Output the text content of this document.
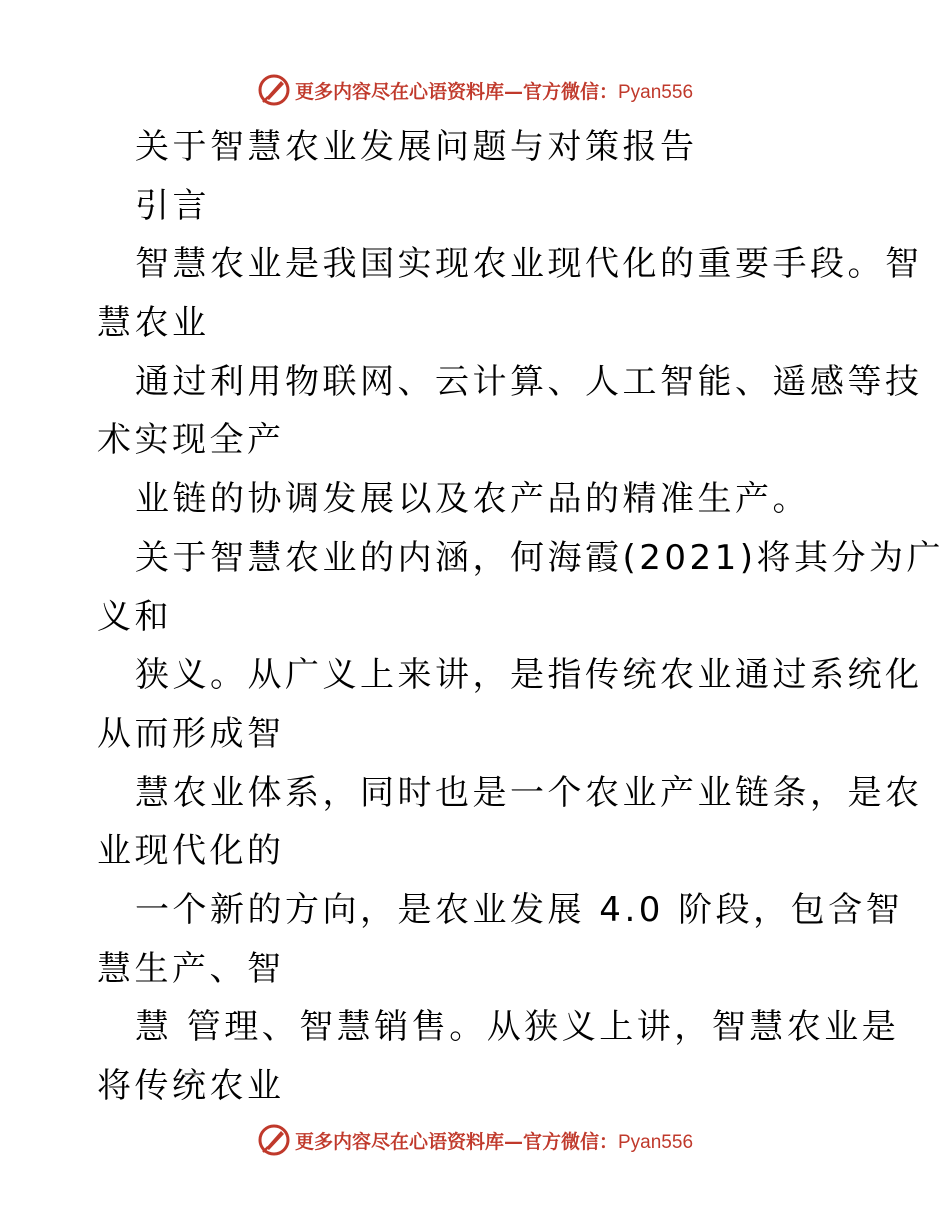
更多内容尽在心语资料库—官方微信：Pyan556
关于智慧农业发展问题与对策报告
引言
智慧农业是我国实现农业现代化的重要手段。智
慧农业
通过利用物联网、云计算、人工智能、遥感等技
术实现全产
业链的协调发展以及农产品的精准生产。
关于智慧农业的内涵，何海霞(2021)将其分为广
义和
狭义。从广义上来讲，是指传统农业通过系统化
从而形成智
慧农业体系，同时也是一个农业产业链条，是农
业现代化的
一个新的方向，是农业发展 4.0 阶段，包含智
慧生产、智
慧 管理、智慧销售。从狭义上讲，智慧农业是
将传统农业
更多内容尽在心语资料库—官方微信：Pyan556
